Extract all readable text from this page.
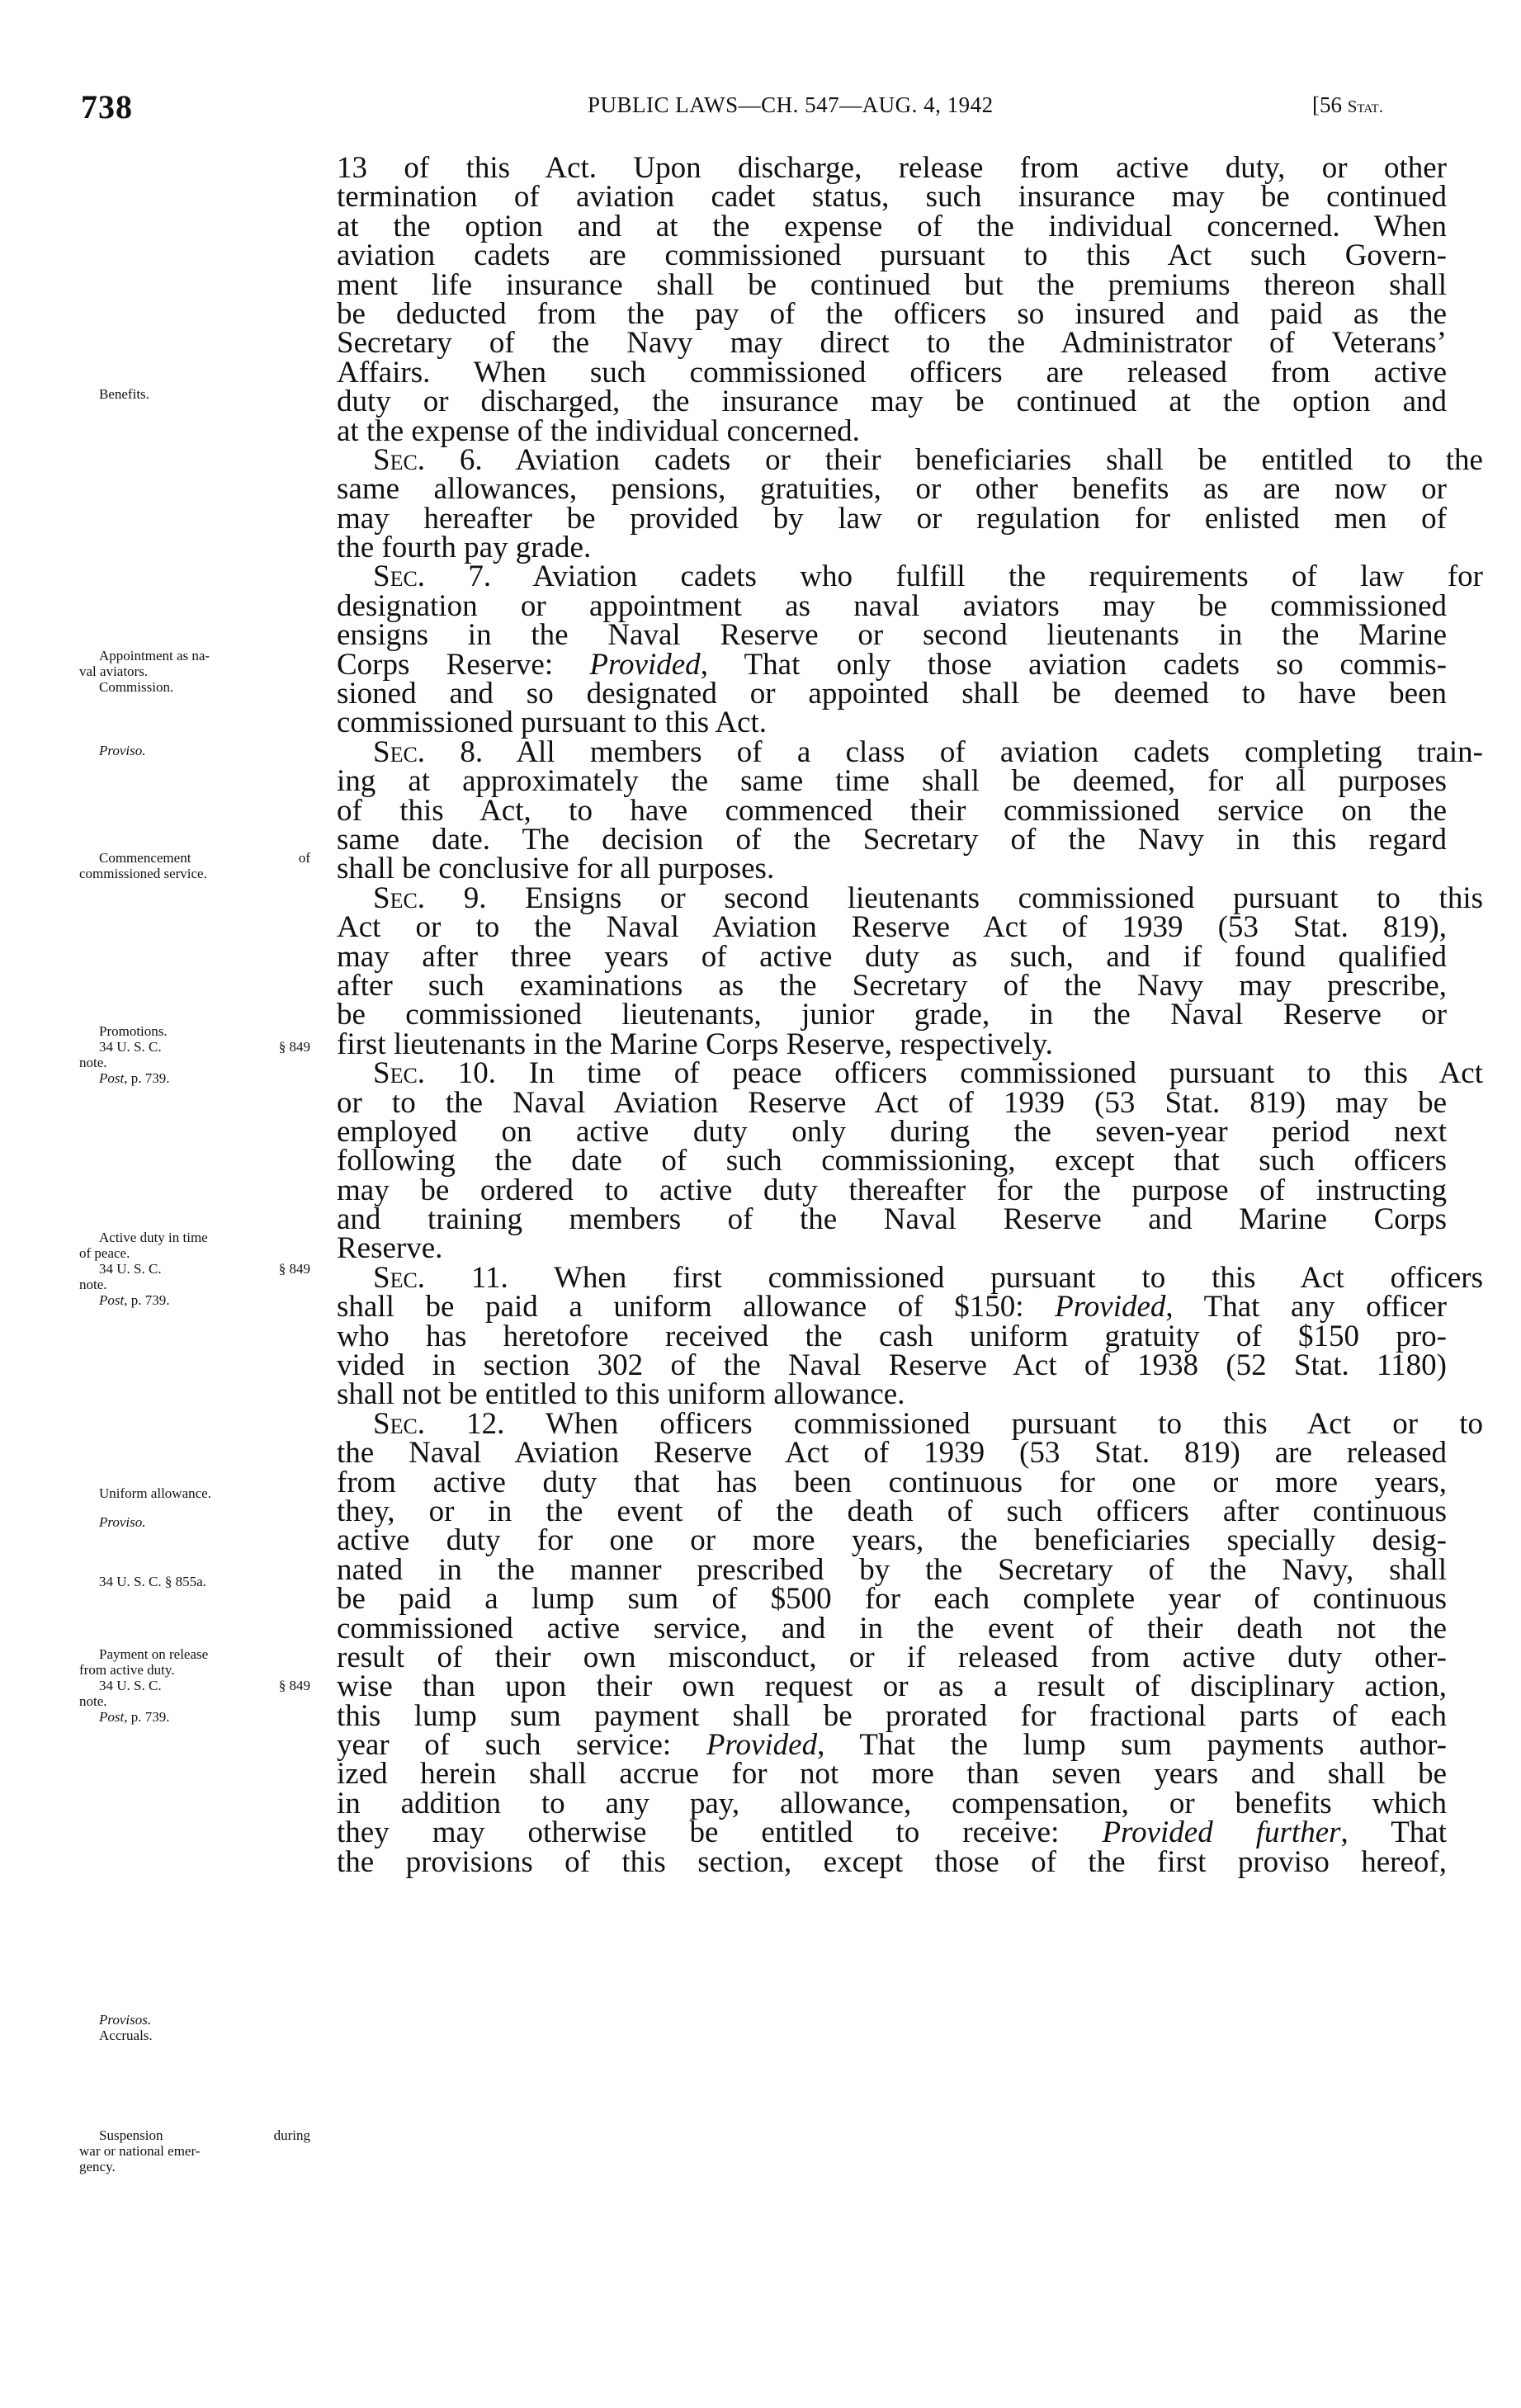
738	PUBLIC LAWS—CH. 547—AUG. 4, 1942	[56 Stat.
13 of this Act. Upon discharge, release from active duty, or other
termination of aviation cadet status, such insurance may be continued
at the option and at the expense of the individual concerned. When
aviation cadets are commissioned pursuant to this Act such Govern-
ment life insurance shall be continued but the premiums thereon shall
be deducted from the pay of the officers so insured and paid as the
Secretary of the Navy may direct to the Administrator of Veterans’
Affairs. When such commissioned officers are released from active
duty or discharged, the insurance may be continued at the option and
at the expense of the individual concerned.
Sec. 6. Aviation cadets or their beneficiaries shall be entitled to the
same allowances, pensions, gratuities, or other benefits as are now or
may hereafter be provided by law or regulation for enlisted men of
the fourth pay grade.
Sec. 7. Aviation cadets who fulfill the requirements of law for
designation or appointment as naval aviators may be commissioned
ensigns in the Naval Reserve or second lieutenants in the Marine
Corps Reserve: Provided, That only those aviation cadets so commis-
sioned and so designated or appointed shall be deemed to have been
commissioned pursuant to this Act.
Sec. 8. All members of a class of aviation cadets completing train-
ing at approximately the same time shall be deemed, for all purposes
of this Act, to have commenced their commissioned service on the
same date. The decision of the Secretary of the Navy in this regard
shall be conclusive for all purposes.
Sec. 9. Ensigns or second lieutenants commissioned pursuant to this
Act or to the Naval Aviation Reserve Act of 1939 (53 Stat. 819),
may after three years of active duty as such, and if found qualified
after such examinations as the Secretary of the Navy may prescribe,
be commissioned lieutenants, junior grade, in the Naval Reserve or
first lieutenants in the Marine Corps Reserve, respectively.
Sec. 10. In time of peace officers commissioned pursuant to this Act
or to the Naval Aviation Reserve Act of 1939 (53 Stat. 819) may be
employed on active duty only during the seven-year period next
following the date of such commissioning, except that such officers
may be ordered to active duty thereafter for the purpose of instructing
and training members of the Naval Reserve and Marine Corps
Reserve.
Sec. 11. When first commissioned pursuant to this Act officers
shall be paid a uniform allowance of $150: Provided, That any officer
who has heretofore received the cash uniform gratuity of $150 pro-
vided in section 302 of the Naval Reserve Act of 1938 (52 Stat. 1180)
shall not be entitled to this uniform allowance.
Sec. 12. When officers commissioned pursuant to this Act or to
the Naval Aviation Reserve Act of 1939 (53 Stat. 819) are released
from active duty that has been continuous for one or more years,
they, or in the event of the death of such officers after continuous
active duty for one or more years, the beneficiaries specially desig-
nated in the manner prescribed by the Secretary of the Navy, shall
be paid a lump sum of $500 for each complete year of continuous
commissioned active service, and in the event of their death not the
result of their own misconduct, or if released from active duty other-
wise than upon their own request or as a result of disciplinary action,
this lump sum payment shall be prorated for fractional parts of each
year of such service: Provided, That the lump sum payments author-
ized herein shall accrue for not more than seven years and shall be
in addition to any pay, allowance, compensation, or benefits which
they may otherwise be entitled to receive: Provided further, That
the provisions of this section, except those of the first proviso hereof,
Benefits.
Appointment as na-
val aviators.
Commission.
Proviso.
Commencement	of
commissioned service.
Promotions.
34 U. S. C.	§ 849
note.
Post, p. 739.
Active duty in time
of peace.
34 U. S. C.	§ 849
note.
Post, p. 739.
Uniform allowance.
Proviso.
34 U. S. C. § 855a.
Payment on release
from active duty.
34 U. S. C.	§ 849
note.
Post, p. 739.
Provisos.
Accruals.
Suspension	during
war or national emer-
gency.
